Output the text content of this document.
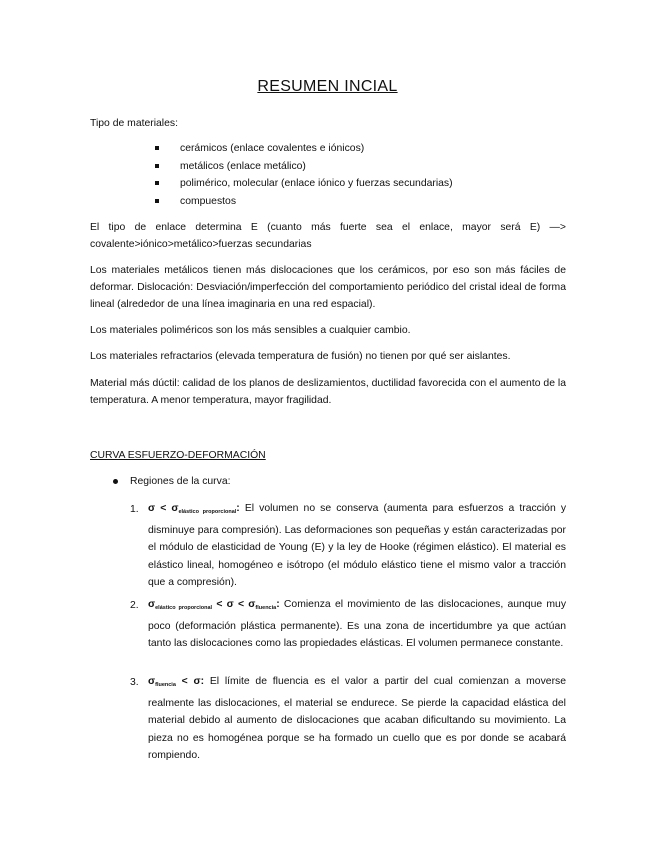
RESUMEN INCIAL

Tipo de materiales:

cerámicos (enlace covalentes e iónicos)
metálicos (enlace metálico)
polimérico, molecular (enlace iónico y fuerzas secundarias)
compuestos

El tipo de enlace determina E (cuanto más fuerte sea el enlace, mayor será E) —> covalente>iónico>metálico>fuerzas secundarias

Los materiales metálicos tienen más dislocaciones que los cerámicos, por eso son más fáciles de deformar. Dislocación: Desviación/imperfección del comportamiento periódico del cristal ideal de forma lineal (alrededor de una línea imaginaria en una red espacial).

Los materiales poliméricos son los más sensibles a cualquier cambio.

Los materiales refractarios (elevada temperatura de fusión) no tienen por qué ser aislantes.

Material más dúctil: calidad de los planos de deslizamientos, ductilidad favorecida con el aumento de la temperatura. A menor temperatura, mayor fragilidad.

CURVA ESFUERZO-DEFORMACIÓN
Regiones de la curva:
1. $\sigma < \sigma_{elástico proporcional}$: El volumen no se conserva (aumenta para esfuerzos a tracción y disminuye para compresión). Las deformaciones son pequeñas y están caracterizadas por el módulo de elasticidad de Young (E) y la ley de Hooke (régimen elástico). El material es elástico lineal, homogéneo e isótropo (el módulo elástico tiene el mismo valor a tracción que a compresión).

2. $\sigma_{elástico proporcional} < \sigma < \sigma_{fluencia}$: Comienza el movimiento de las dislocaciones, aunque muy poco (deformación plástica permanente). Es una zona de incertidumbre ya que actúan tanto las dislocaciones como las propiedades elásticas. El volumen permanece constante.

3. $\sigma_{fluencia} < \sigma$: El límite de fluencia es el valor a partir del cual comienzan a moverse realmente las dislocaciones, el material se endurece. Se pierde la capacidad elástica del material debido al aumento de dislocaciones que acaban dificultando su movimiento. La pieza no es homogénea porque se ha formado un cuello que es por donde se acabará rompiendo.
